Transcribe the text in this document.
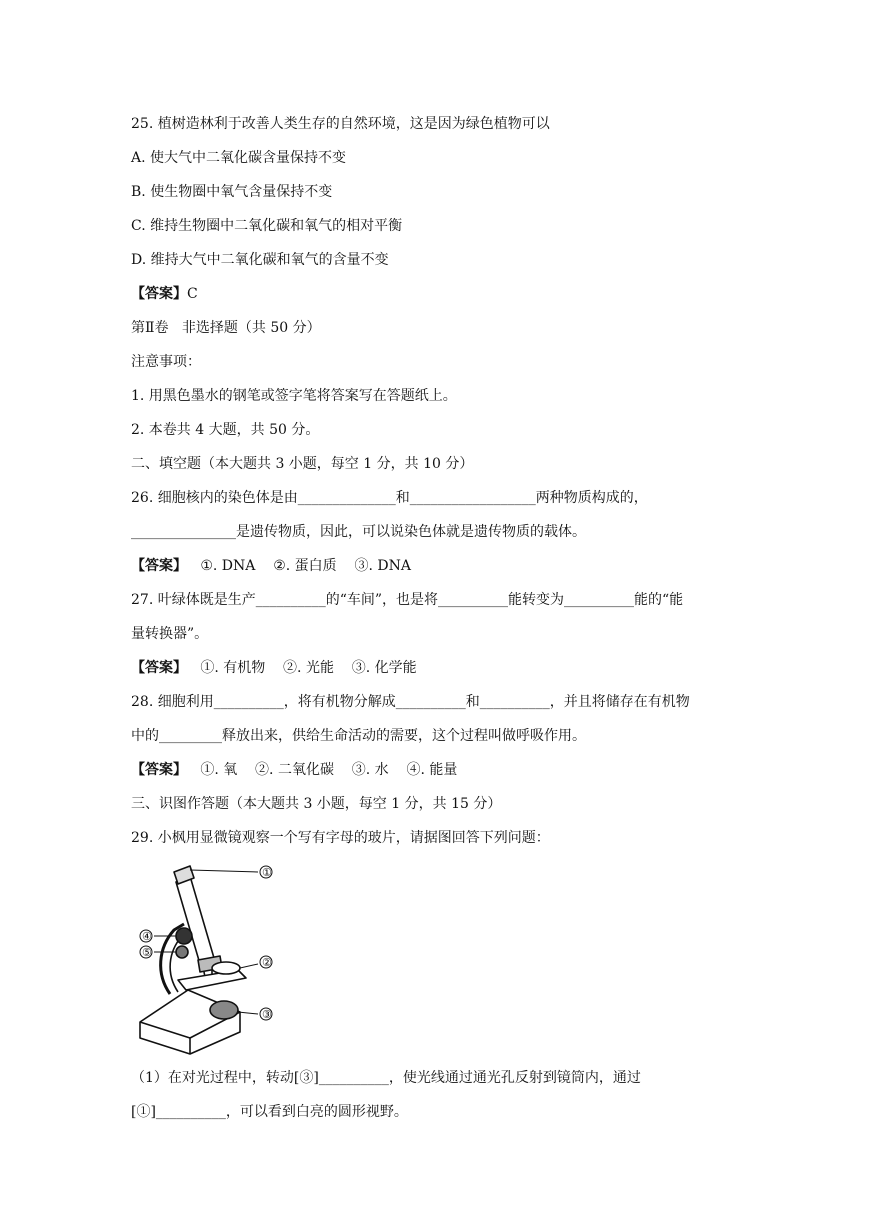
25. 植树造林利于改善人类生存的自然环境，这是因为绿色植物可以
A. 使大气中二氧化碳含量保持不变
B. 使生物圈中氧气含量保持不变
C. 维持生物圈中二氧化碳和氧气的相对平衡
D. 维持大气中二氧化碳和氧气的含量不变
【答案】C
第Ⅱ卷   非选择题（共 50 分）
注意事项：
1. 用黑色墨水的钢笔或签字笔将答案写在答题纸上。
2. 本卷共 4 大题，共 50 分。
二、填空题（本大题共 3 小题，每空 1 分，共 10 分）
26. 细胞核内的染色体是由______________和__________________两种物质构成的，
_______________是遗传物质，因此，可以说染色体就是遗传物质的载体。
【答案】   ①. DNA    ②. 蛋白质    ③. DNA
27. 叶绿体既是生产__________的“车间”，也是将__________能转变为__________能的“能
量转换器”。
【答案】   ①. 有机物    ②. 光能    ③. 化学能
28. 细胞利用__________，将有机物分解成__________和__________，并且将储存在有机物
中的_________释放出来，供给生命活动的需要，这个过程叫做呼吸作用。
【答案】   ①. 氧    ②. 二氧化碳    ③. 水    ④. 能量
三、识图作答题（本大题共 3 小题，每空 1 分，共 15 分）
29. 小枫用显微镜观察一个写有字母的玻片，请据图回答下列问题：
①
②
③
④
⑤
（1）在对光过程中，转动[③]__________，使光线通过通光孔反射到镜筒内，通过
[①]__________，可以看到白亮的圆形视野。
